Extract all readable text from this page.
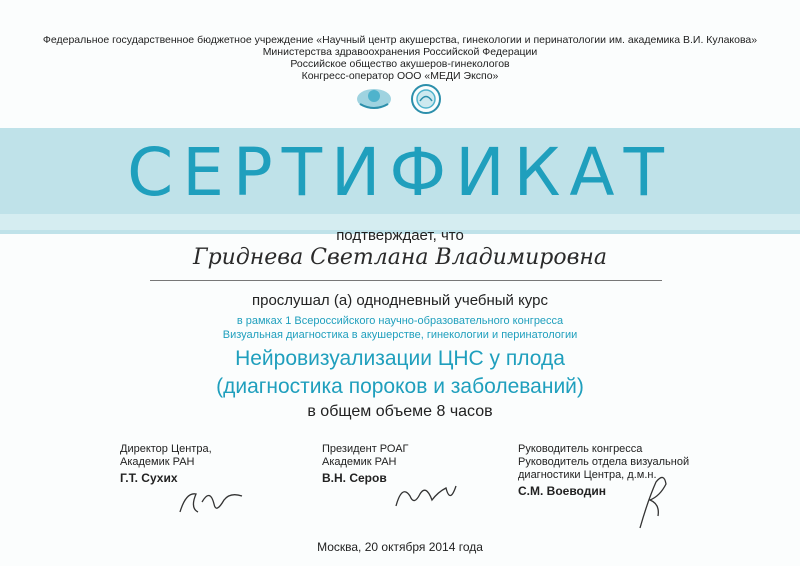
Федеральное государственное бюджетное учреждение «Научный центр акушерства, гинекологии и перинатологии им. академика В.И. Кулакова»
Министерства здравоохранения Российской Федерации
Российское общество акушеров-гинекологов
Конгресс-оператор ООО «МЕДИ Экспо»
СЕРТИФИКАТ
подтверждает, что
Гриднева Светлана Владимировна
прослушал (а) однодневный учебный курс
в рамках 1 Всероссийского научно-образовательного конгресса
Визуальная диагностика в акушерстве, гинекологии и перинатологии
Нейровизуализации ЦНС у плода
(диагностика пороков и заболеваний)
в общем объеме 8 часов
Директор Центра,
Академик РАН
Г.Т. Сухих
Президент РОАГ
Академик РАН
В.Н. Серов
Руководитель конгресса
Руководитель отдела визуальной
диагностики Центра, д.м.н.
С.М. Воеводин
Москва, 20 октября 2014 года
